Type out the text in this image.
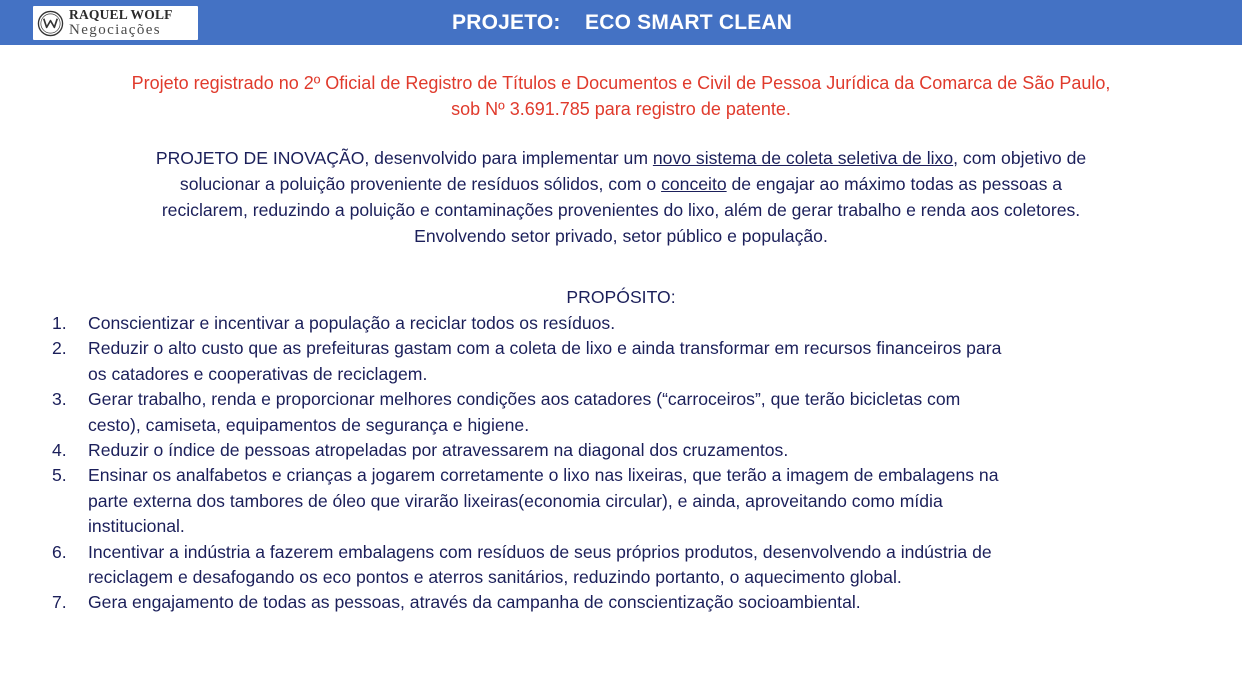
RAQUEL WOLF
Negociações	PROJETO: ECO SMART CLEAN
Projeto registrado no 2º Oficial de Registro de Títulos e Documentos e Civil de Pessoa Jurídica da Comarca de São Paulo,
sob Nº 3.691.785 para registro de patente.
PROJETO DE INOVAÇÃO, desenvolvido para implementar um novo sistema de coleta seletiva de lixo, com objetivo de
solucionar a poluição proveniente de resíduos sólidos, com o conceito de engajar ao máximo todas as pessoas a
reciclarem, reduzindo a poluição e contaminações provenientes do lixo, além de gerar trabalho e renda aos coletores.
Envolvendo setor privado, setor público e população.
PROPÓSITO:
1. Conscientizar e incentivar a população a reciclar todos os resíduos.
2. Reduzir o alto custo que as prefeituras gastam com a coleta de lixo e ainda transformar em recursos financeiros para
os catadores e cooperativas de reciclagem.
3. Gerar trabalho, renda e proporcionar melhores condições aos catadores (“carroceiros”, que terão bicicletas com
cesto), camiseta, equipamentos de segurança e higiene.
4. Reduzir o índice de pessoas atropeladas por atravessarem na diagonal dos cruzamentos.
5. Ensinar os analfabetos e crianças a jogarem corretamente o lixo nas lixeiras, que terão a imagem de embalagens na
parte externa dos tambores de óleo que virarão lixeiras(economia circular), e ainda, aproveitando como mídia
institucional.
6. Incentivar a indústria a fazerem embalagens com resíduos de seus próprios produtos, desenvolvendo a indústria de
reciclagem e desafogando os eco pontos e aterros sanitários, reduzindo portanto, o aquecimento global.
7. Gera engajamento de todas as pessoas, através da campanha de conscientização socioambiental.
